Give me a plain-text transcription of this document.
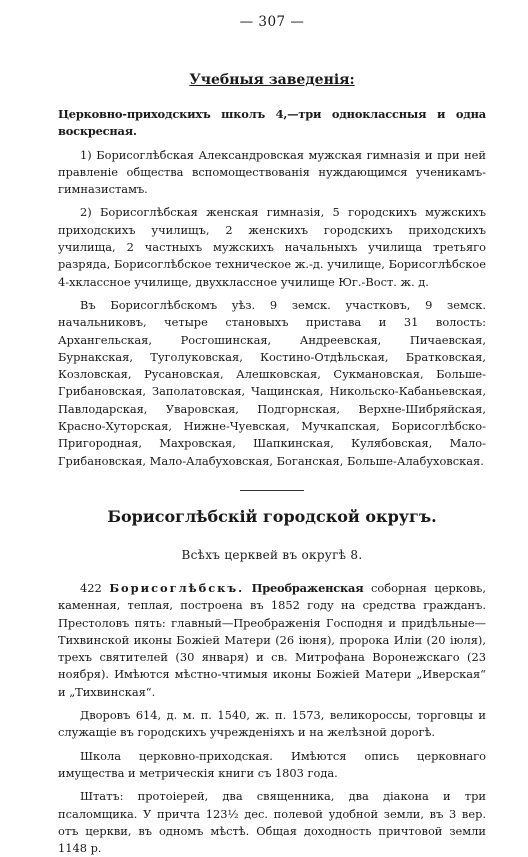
— 307 —
Учебныя заведенія:

Церковно-приходскихъ школъ 4,—три одноклассныя и одна воскресная.

1) Борисоглѣбская Александровская мужская гимназія и при ней правленіе общества вспомоществованія нуждающимся ученикамъ-гимназистамъ.

2) Борисоглѣбская женская гимназія, 5 городскихъ мужскихъ приходскихъ училищъ, 2 женскихъ городскихъ приходскихъ училища, 2 частныхъ мужскихъ начальныхъ училища третьяго разряда, Борисоглѣбское техническое ж.-д. училище, Борисоглѣбское 4-хклассное училище, двухклассное училище Юг.-Вост. ж. д.

Въ Борисоглѣбскомъ уѣз. 9 земск. участковъ, 9 земск. начальниковъ, четыре становыхъ пристава и 31 волость: Архангельская, Росгошинская, Андреевская, Пичаевская, Бурнакская, Туголуковская, Костино-Отдѣльская, Братковская, Козловская, Русановская, Алешковская, Сукмановская, Больше-Грибановская, Заполатовская, Чащинская, Никольско-Кабаньевская, Павлодарская, Уваровская, Подгорнская, Верхне-Шибряйская, Красно-Хуторская, Нижне-Чуевская, Мучкапская, Борисоглѣбско-Пригородная, Махровская, Шапкинская, Кулябовская, Мало-Грибановская, Мало-Алабуховская, Боганская, Больше-Алабуховская.

Борисоглѣбскій городской округъ.
Всѣхъ церквей въ округѣ 8.

422 Борисоглѣбскъ. Преображенская соборная церковь, каменная, теплая, построена въ 1852 году на средства гражданъ. Престоловъ пять: главный—Преображенія Господня и придѣльные—Тихвинской иконы Божіей Матери (26 іюня), пророка Иліи (20 іюля), трехъ святителей (30 января) и св. Митрофана Воронежскаго (23 ноября). Имѣются мѣстно-чтимыя иконы Божіей Матери „Иверская“ и „Тихвинская“.

Дворовъ 614, д. м. п. 1540, ж. п. 1573, великороссы, торговцы и служащіе въ городскихъ учрежденіяхъ и на желѣзной дорогѣ.

Школа церковно-приходская. Имѣются опись церковнаго имущества и метрическія книги съ 1803 года.

Штатъ: протоіерей, два священника, два діакона и три псаломщика. У причта 123½ дес. полевой удобной земли, въ 3 вер. отъ церкви, въ одномъ мѣстѣ. Общая доходность причтовой земли 1148 р.
